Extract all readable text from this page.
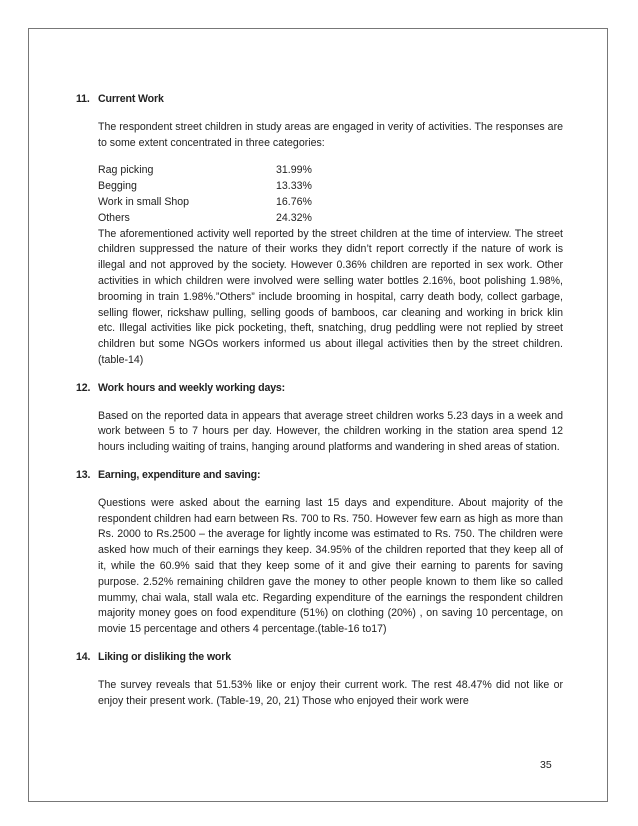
11. Current Work

The respondent street children in study areas are engaged in verity of activities. The responses are to some extent concentrated in three categories:

Rag picking	31.99%
Begging	13.33%
Work in small Shop	16.76%
Others	24.32%

The aforementioned activity well reported by the street children at the time of interview. The street children suppressed the nature of their works they didn’t report correctly if the nature of work is illegal and not approved by the society. However 0.36% children are reported in sex work. Other activities in which children were involved were selling water bottles 2.16%, boot polishing 1.98%, brooming in train 1.98%.”Others” include brooming in hospital, carry death body, collect garbage, selling flower, rickshaw pulling, selling goods of bamboos, car cleaning and working in brick klin etc. Illegal activities like pick pocketing, theft, snatching, drug peddling were not replied by street children but some NGOs workers informed us about illegal activities then by the street children.(table-14)

12. Work hours and weekly working days:

Based on the reported data in appears that average street children works 5.23 days in a week and work between 5 to 7 hours per day. However, the children working in the station area spend 12 hours including waiting of trains, hanging around platforms and wandering in shed areas of station.

13. Earning, expenditure and saving:

Questions were asked about the earning last 15 days and expenditure. About majority of the respondent children had earn between Rs. 700 to Rs. 750. However few earn as high as more than Rs. 2000 to Rs.2500 – the average for lightly income was estimated to Rs. 750. The children were asked how much of their earnings they keep. 34.95% of the children reported that they keep all of it, while the 60.9% said that they keep some of it and give their earning to parents for saving purpose. 2.52% remaining children gave the money to other people known to them like so called mummy, chai wala, stall wala etc. Regarding expenditure of the earnings the respondent children majority money goes on food expenditure (51%) on clothing (20%) , on saving 10 percentage, on movie 15 percentage and others 4 percentage.(table-16 to17)

14. Liking or disliking the work

The survey reveals that 51.53% like or enjoy their current work. The rest 48.47% did not like or enjoy their present work. (Table-19, 20, 21) Those who enjoyed their work were

35
